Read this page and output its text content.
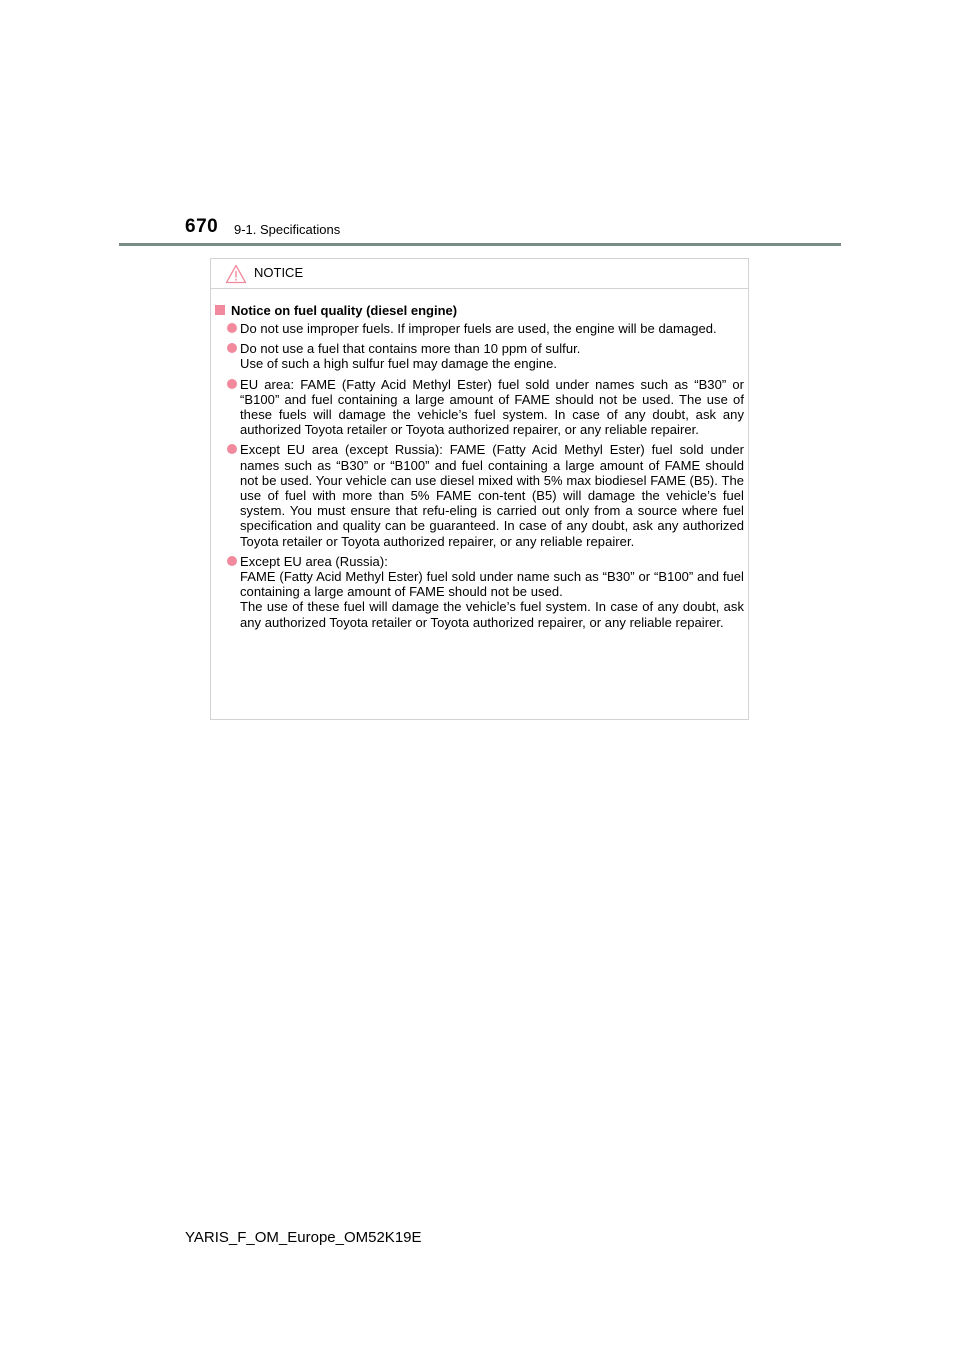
670 9-1. Specifications
NOTICE
Notice on fuel quality (diesel engine)

Do not use improper fuels. If improper fuels are used, the engine will be damaged.

Do not use a fuel that contains more than 10 ppm of sulfur.

Use of such a high sulfur fuel may damage the engine.

EU area: FAME (Fatty Acid Methyl Ester) fuel sold under names such as “B30” or “B100” and fuel containing a large amount of FAME should not be used. The use of these fuels will damage the vehicle’s fuel system. In case of any doubt, ask any authorized Toyota retailer or Toyota authorized repairer, or any reliable repairer.

Except EU area (except Russia): FAME (Fatty Acid Methyl Ester) fuel sold under names such as “B30” or “B100” and fuel containing a large amount of FAME should not be used. Your vehicle can use diesel mixed with 5% max biodiesel FAME (B5). The use of fuel with more than 5% FAME con-tent (B5) will damage the vehicle’s fuel system. You must ensure that refu-eling is carried out only from a source where fuel specification and quality can be guaranteed. In case of any doubt, ask any authorized Toyota retailer or Toyota authorized repairer, or any reliable repairer.

Except EU area (Russia):

FAME (Fatty Acid Methyl Ester) fuel sold under name such as “B30” or “B100” and fuel containing a large amount of FAME should not be used.

The use of these fuel will damage the vehicle’s fuel system. In case of any doubt, ask any authorized Toyota retailer or Toyota authorized repairer, or any reliable repairer.

YARIS_F_OM_Europe_OM52K19E
